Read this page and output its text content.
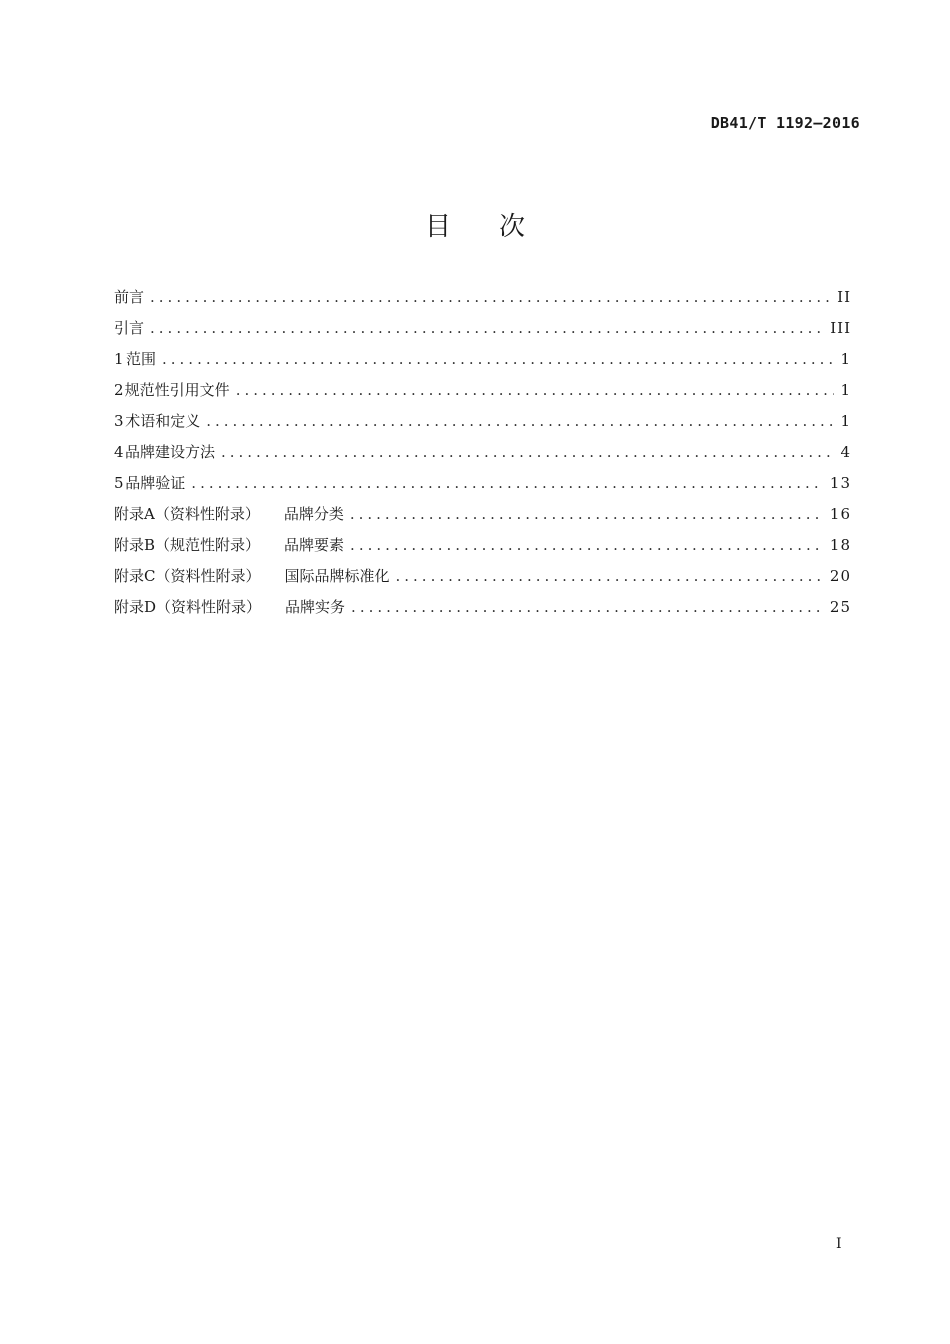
DB41/T 1192—2016
目次
前言 .....	II
引言 .....	III
1 范围 .....	1
2 规范性引用文件 .....	1
3 术语和定义 .....	1
4 品牌建设方法 .....	4
5 品牌验证 .....	13
附录A（资料性附录） 品牌分类 .....	16
附录B（规范性附录） 品牌要素 .....	18
附录C（资料性附录） 国际品牌标准化 .....	20
附录D（资料性附录） 品牌实务 .....	25
I
